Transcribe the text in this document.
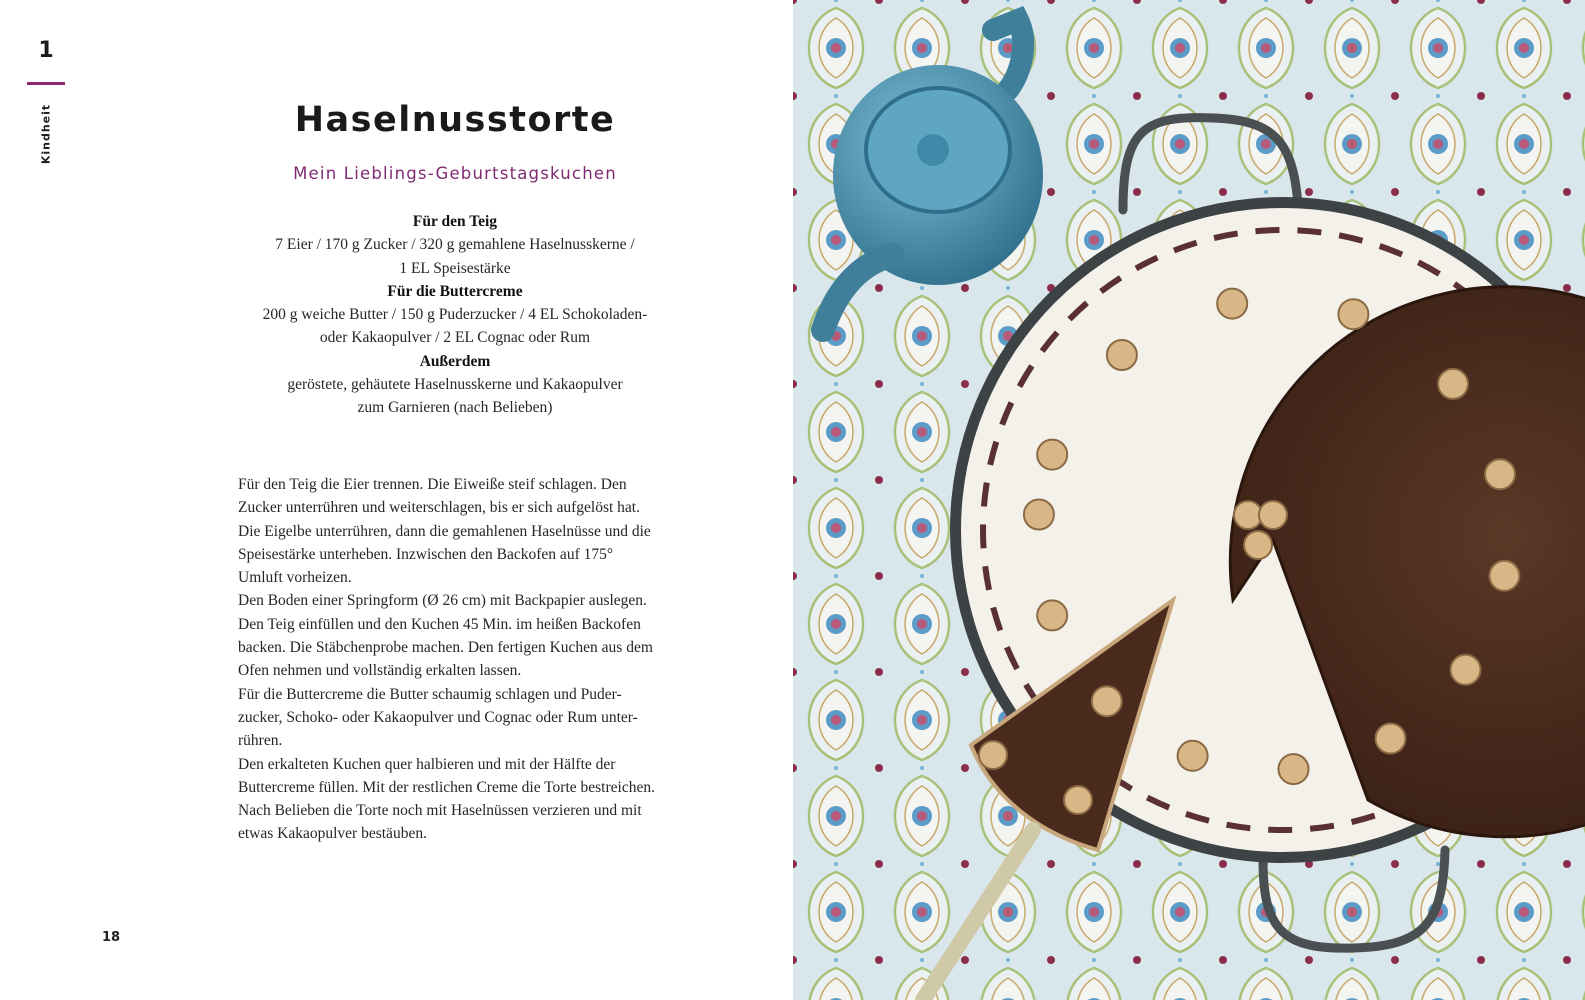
1
Kindheit	Haselnusstorte
Mein Lieblings-Geburtstagskuchen
Für den Teig
7 Eier / 170 g Zucker / 320 g gemahlene Haselnusskerne /
1 EL Speisestärke
Für die Buttercreme
200 g weiche Butter / 150 g Puderzucker / 4 EL Schokoladen-
oder Kakaopulver / 2 EL Cognac oder Rum
Außerdem
geröstete, gehäutete Haselnusskerne und Kakaopulver
zum Garnieren (nach Belieben)
Für den Teig die Eier trennen. Die Eiweiße steif schlagen. Den
Zucker unterrühren und weiterschlagen, bis er sich aufgelöst hat.
Die Eigelbe unterrühren, dann die gemahlenen Haselnüsse und die
Speisestärke unterheben. Inzwischen den Backofen auf 175°
Umluft vorheizen.
Den Boden einer Springform (Ø 26 cm) mit Backpapier auslegen.
Den Teig einfüllen und den Kuchen 45 Min. im heißen Backofen
backen. Die Stäbchenprobe machen. Den fertigen Kuchen aus dem
Ofen nehmen und vollständig erkalten lassen.
Für die Buttercreme die Butter schaumig schlagen und Puder-
zucker, Schoko- oder Kakaopulver und Cognac oder Rum unter-
rühren.
Den erkalteten Kuchen quer halbieren und mit der Hälfte der
Buttercreme füllen. Mit der restlichen Creme die Torte bestreichen.
Nach Belieben die Torte noch mit Haselnüssen verzieren und mit
etwas Kakaopulver bestäuben.
18
